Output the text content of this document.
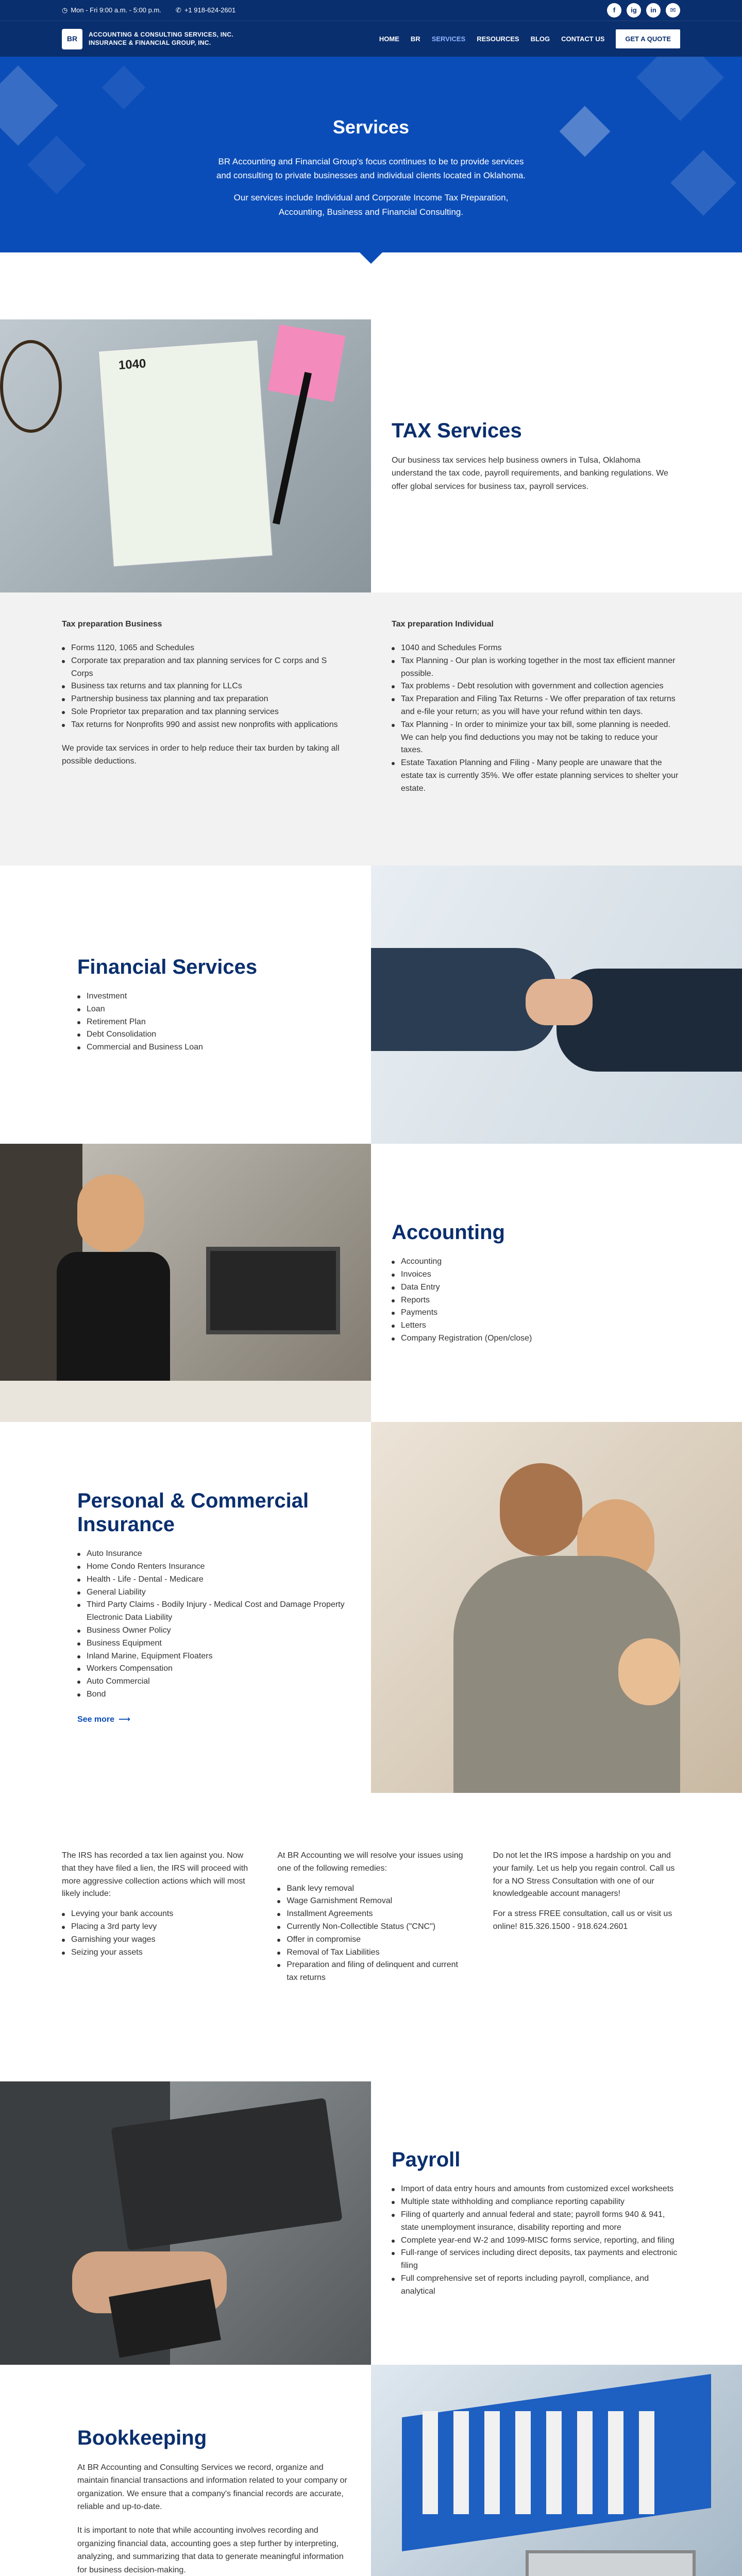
◷ Mon - Fri 9:00 a.m. - 5:00 p.m. ✆ +1 918-624-2601	f	ig	in	✉
BR
ACCOUNTING & CONSULTING SERVICES, INC.
INSURANCE & FINANCIAL GROUP, INC.	HOME BR SERVICES RESOURCES BLOG CONTACT US	GET A QUOTE
Services

BR Accounting and Financial Group's focus continues to be to provide services and consulting to private businesses and individual clients located in Oklahoma.

Our services include Individual and Corporate Income Tax Preparation, Accounting, Business and Financial Consulting.

1040
TAX Services
Our business tax services help business owners in Tulsa, Oklahoma understand the tax code, payroll requirements, and banking regulations. We offer global services for business tax, payroll services.
Tax preparation Business
Forms 1120, 1065 and Schedules
Corporate tax preparation and tax planning services for C corps and S Corps
Business tax returns and tax planning for LLCs
Partnership business tax planning and tax preparation
Sole Proprietor tax preparation and tax planning services
Tax returns for Nonprofits 990 and assist new nonprofits with applications

We provide tax services in order to help reduce their tax burden by taking all possible deductions.

Tax preparation Individual
1040 and Schedules Forms
Tax Planning - Our plan is working together in the most tax efficient manner possible.
Tax problems - Debt resolution with government and collection agencies
Tax Preparation and Filing Tax Returns - We offer preparation of tax returns and e-file your return; as you will have your refund within ten days.
Tax Planning - In order to minimize your tax bill, some planning is needed. We can help you find deductions you may not be taking to reduce your taxes.
Estate Taxation Planning and Filing - Many people are unaware that the estate tax is currently 35%. We offer estate planning services to shelter your estate.
Financial Services
Investment
Loan
Retirement Plan
Debt Consolidation
Commercial and Business Loan
Accounting
Accounting
Invoices
Data Entry
Reports
Payments
Letters
Company Registration (Open/close)
Personal & Commercial Insurance
Auto Insurance
Home Condo Renters Insurance
Health - Life - Dental - Medicare
General Liability
Third Party Claims - Bodily Injury - Medical Cost and Damage Property Electronic Data Liability
Business Owner Policy
Business Equipment
Inland Marine, Equipment Floaters
Workers Compensation
Auto Commercial
Bond
See more ⟶

The IRS has recorded a tax lien against you. Now that they have filed a lien, the IRS will proceed with more aggressive collection actions which will most likely include:

Levying your bank accounts
Placing a 3rd party levy
Garnishing your wages
Seizing your assets

At BR Accounting we will resolve your issues using one of the following remedies:

Bank levy removal
Wage Garnishment Removal
Installment Agreements
Currently Non-Collectible Status ("CNC")
Offer in compromise
Removal of Tax Liabilities
Preparation and filing of delinquent and current tax returns

Do not let the IRS impose a hardship on you and your family. Let us help you regain control. Call us for a NO Stress Consultation with one of our knowledgeable account managers!

For a stress FREE consultation, call us or visit us online! 815.326.1500 - 918.624.2601

Payroll
Import of data entry hours and amounts from customized excel worksheets
Multiple state withholding and compliance reporting capability
Filing of quarterly and annual federal and state; payroll forms 940 & 941, state unemployment insurance, disability reporting and more
Complete year-end W-2 and 1099-MISC forms service, reporting, and filing
Full-range of services including direct deposits, tax payments and electronic filing
Full comprehensive set of reports including payroll, compliance, and analytical
Bookkeeping

At BR Accounting and Consulting Services we record, organize and maintain financial transactions and information related to your company or organization. We ensure that a company's financial records are accurate, reliable and up-to-date.

It is important to note that while accounting involves recording and organizing financial data, accounting goes a step further by interpreting, analyzing, and summarizing that data to generate meaningful information for business decision-making.
